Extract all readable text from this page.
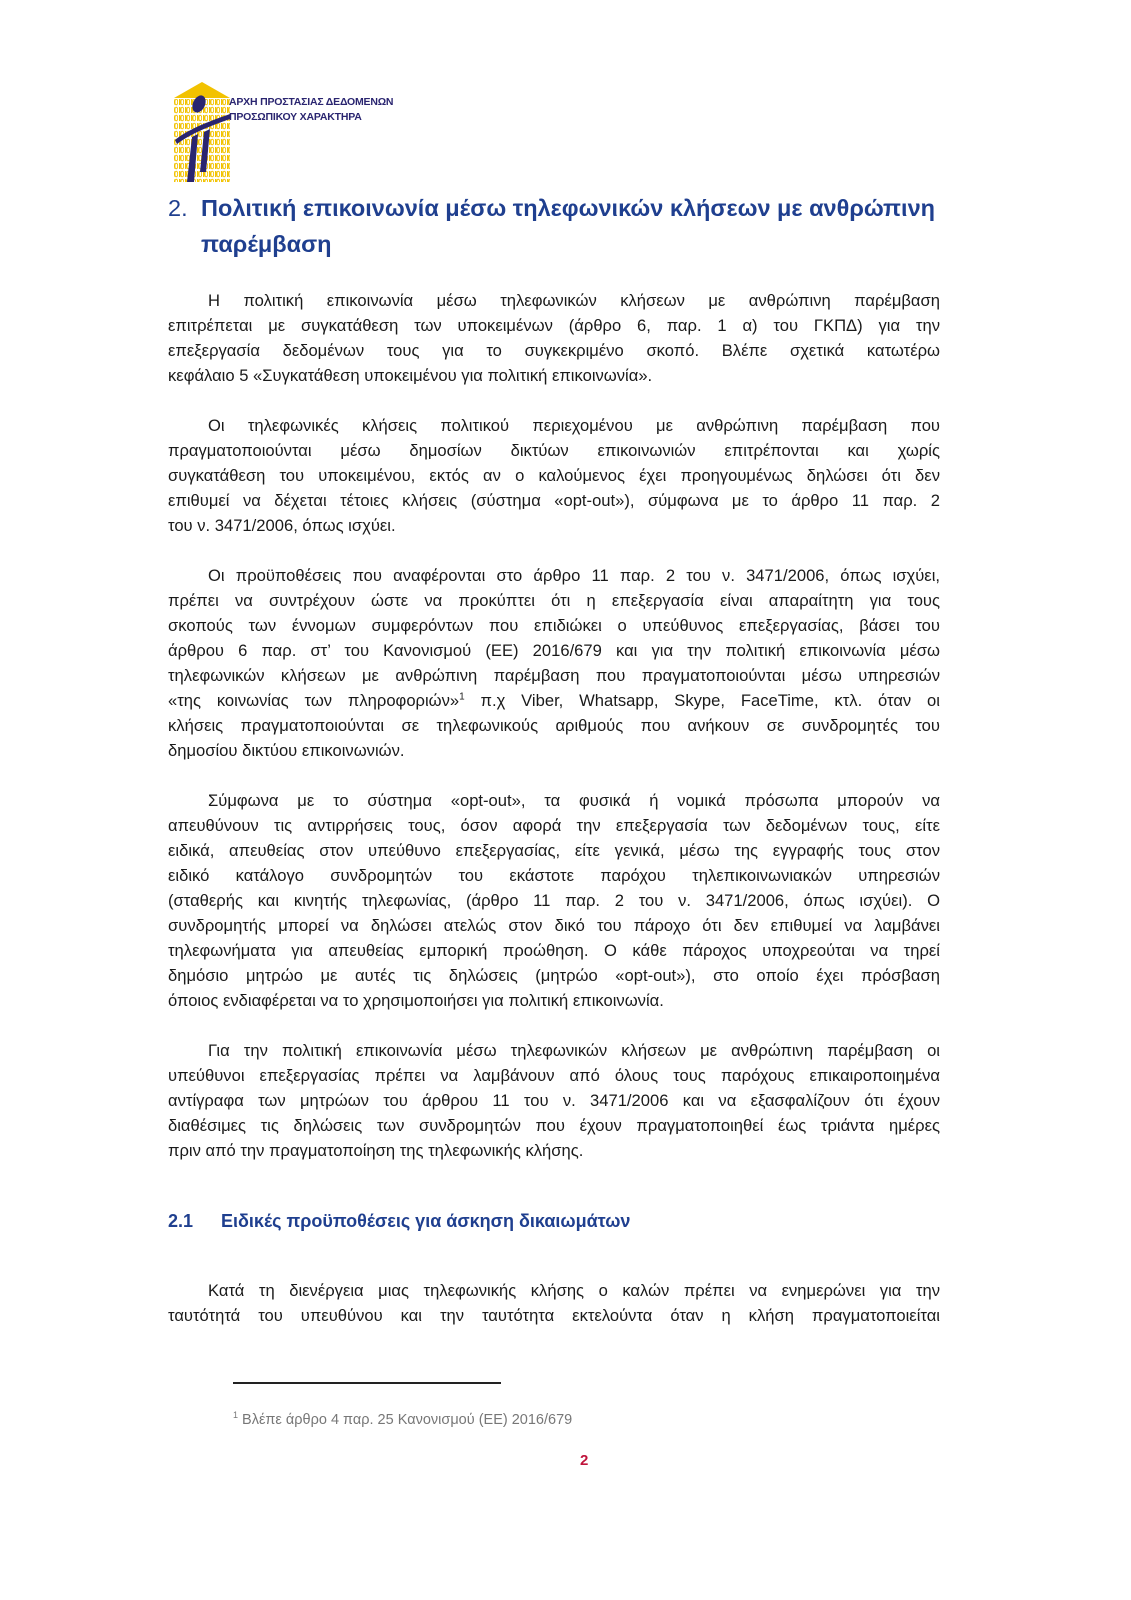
ΑΡΧΗ ΠΡΟΣΤΑΣΙΑΣ ΔΕΔΟΜΕΝΩΝ
ΠΡΟΣΩΠΙΚΟΥ ΧΑΡΑΚΤΗΡΑ
2. Πολιτική επικοινωνία μέσω τηλεφωνικών κλήσεων με ανθρώπινη
παρέμβαση
Η πολιτική επικοινωνία μέσω τηλεφωνικών κλήσεων με ανθρώπινη παρέμβαση
επιτρέπεται με συγκατάθεση των υποκειμένων (άρθρο 6, παρ. 1 α) του ΓΚΠΔ) για την
επεξεργασία δεδομένων τους για το συγκεκριμένο σκοπό. Βλέπε σχετικά κατωτέρω
κεφάλαιο 5 «Συγκατάθεση υποκειμένου για πολιτική επικοινωνία».
Οι τηλεφωνικές κλήσεις πολιτικού περιεχομένου με ανθρώπινη παρέμβαση που
πραγματοποιούνται μέσω δημοσίων δικτύων επικοινωνιών επιτρέπονται και χωρίς
συγκατάθεση του υποκειμένου, εκτός αν ο καλούμενος έχει προηγουμένως δηλώσει ότι δεν
επιθυμεί να δέχεται τέτοιες κλήσεις (σύστημα «opt-out»), σύμφωνα με το άρθρο 11 παρ. 2
του ν. 3471/2006, όπως ισχύει.
Οι προϋποθέσεις που αναφέρονται στο άρθρο 11 παρ. 2 του ν. 3471/2006, όπως ισχύει,
πρέπει να συντρέχουν ώστε να προκύπτει ότι η επεξεργασία είναι απαραίτητη για τους
σκοπούς των έννομων συμφερόντων που επιδιώκει ο υπεύθυνος επεξεργασίας, βάσει του
άρθρου 6 παρ. στ’ του Κανονισμού (ΕΕ) 2016/679 και για την πολιτική επικοινωνία μέσω
τηλεφωνικών κλήσεων με ανθρώπινη παρέμβαση που πραγματοποιούνται μέσω υπηρεσιών
«της κοινωνίας των πληροφοριών»$^1$ π.χ Viber, Whatsapp, Skype, FaceTime, κτλ. όταν οι
κλήσεις πραγματοποιούνται σε τηλεφωνικούς αριθμούς που ανήκουν σε συνδρομητές του
δημοσίου δικτύου επικοινωνιών.
Σύμφωνα με το σύστημα «opt-out», τα φυσικά ή νομικά πρόσωπα μπορούν να
απευθύνουν τις αντιρρήσεις τους, όσον αφορά την επεξεργασία των δεδομένων τους, είτε
ειδικά, απευθείας στον υπεύθυνο επεξεργασίας, είτε γενικά, μέσω της εγγραφής τους στον
ειδικό κατάλογο συνδρομητών του εκάστοτε παρόχου τηλεπικοινωνιακών υπηρεσιών
(σταθερής και κινητής τηλεφωνίας, (άρθρο 11 παρ. 2 του ν. 3471/2006, όπως ισχύει). Ο
συνδρομητής μπορεί να δηλώσει ατελώς στον δικό του πάροχο ότι δεν επιθυμεί να λαμβάνει
τηλεφωνήματα για απευθείας εμπορική προώθηση. Ο κάθε πάροχος υποχρεούται να τηρεί
δημόσιο μητρώο με αυτές τις δηλώσεις (μητρώο «opt-out»), στο οποίο έχει πρόσβαση
όποιος ενδιαφέρεται να το χρησιμοποιήσει για πολιτική επικοινωνία.
Για την πολιτική επικοινωνία μέσω τηλεφωνικών κλήσεων με ανθρώπινη παρέμβαση οι
υπεύθυνοι επεξεργασίας πρέπει να λαμβάνουν από όλους τους παρόχους επικαιροποιημένα
αντίγραφα των μητρώων του άρθρου 11 του ν. 3471/2006 και να εξασφαλίζουν ότι έχουν
διαθέσιμες τις δηλώσεις των συνδρομητών που έχουν πραγματοποιηθεί έως τριάντα ημέρες
πριν από την πραγματοποίηση της τηλεφωνικής κλήσης.
2.1 Ειδικές προϋποθέσεις για άσκηση δικαιωμάτων
Κατά τη διενέργεια μιας τηλεφωνικής κλήσης ο καλών πρέπει να ενημερώνει για την
ταυτότητά του υπευθύνου και την ταυτότητα εκτελούντα όταν η κλήση πραγματοποιείται
$^1$ Βλέπε άρθρο 4 παρ. 25 Κανονισμού (ΕΕ) 2016/679
2
